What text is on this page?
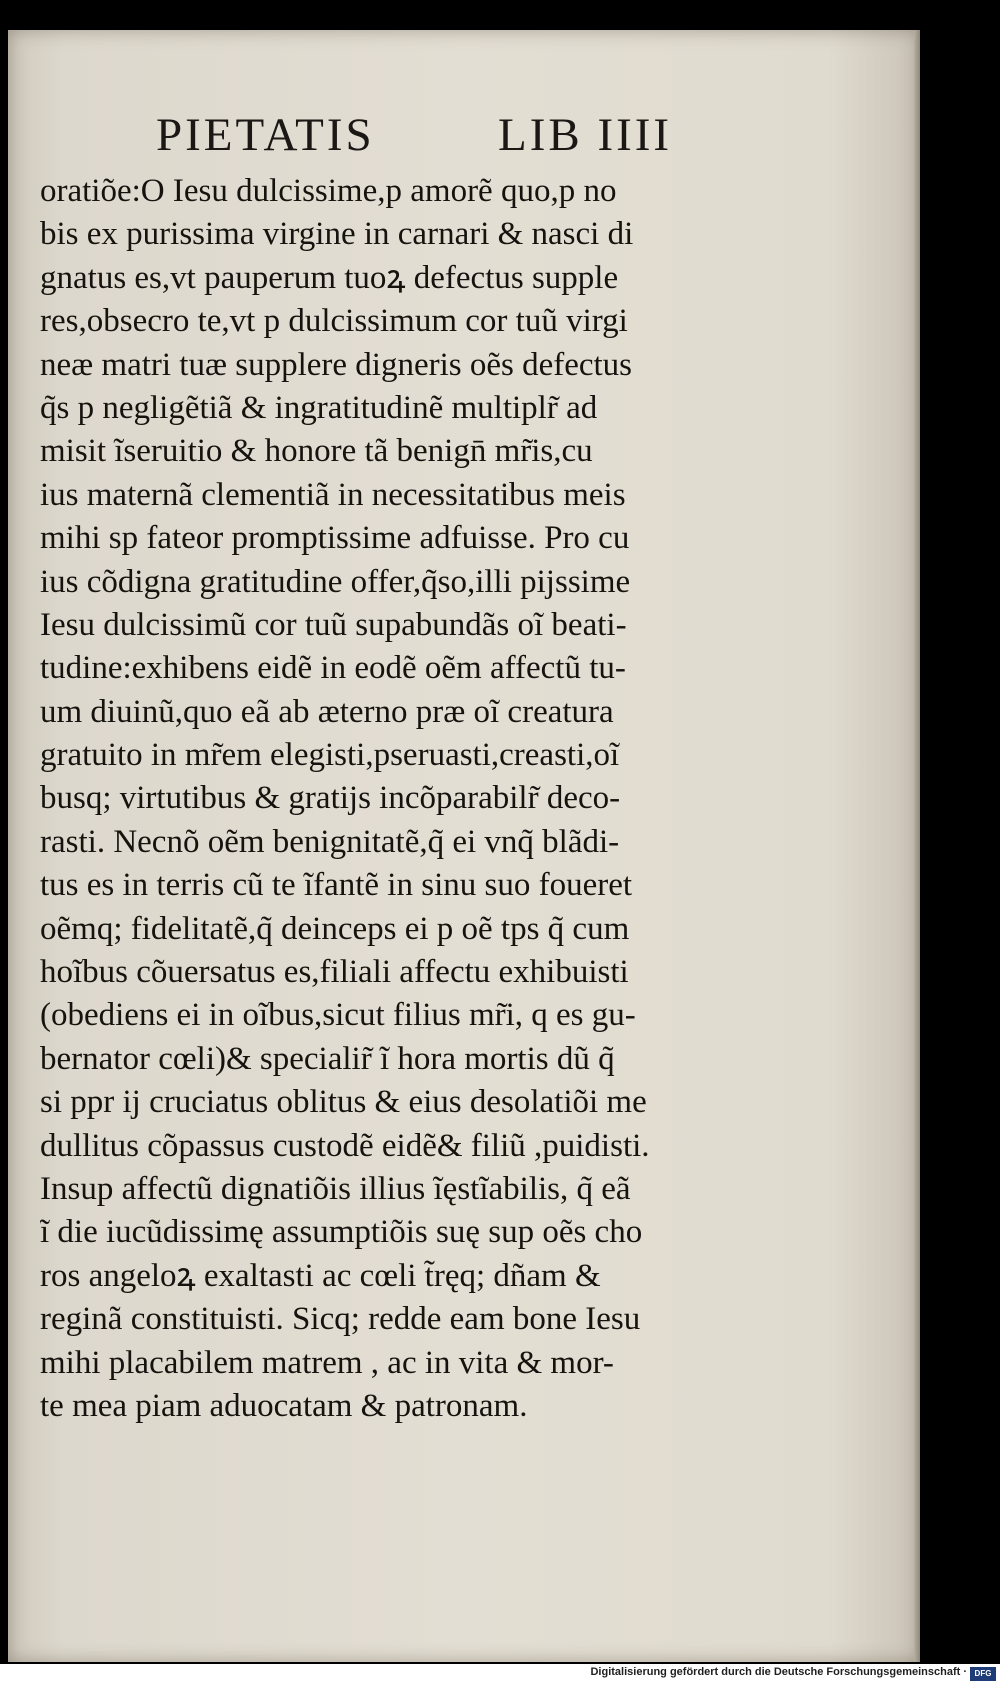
PIETATIS	LIB IIII
oratiõe:O Iesu dulcissime,p amorẽ quo,p no
bis ex purissima virgine in carnari & nasci di
gnatus es,vt pauperum tuoꝝ defectus supple
res,obsecro te,vt p dulcissimum cor tuũ virgi
neæ matri tuæ supplere digneris oẽs defectus
q̃s p negligẽtiã & ingratitudinẽ multiplr̃ ad
misit ĩseruitio & honore tã benign̄ mr̃is,cu
ius maternã clementiã in necessitatibus meis
mihi sp fateor promptissime adfuisse. Pro cu
ius cõdigna gratitudine offer,q̃so,illi pijssime
Iesu dulcissimũ cor tuũ supabundãs oĩ beati-
tudine:exhibens eidẽ in eodẽ oẽm affectũ tu-
um diuinũ,quo eã ab æterno præ oĩ creatura
gratuito in mr̃em elegisti,pseruasti,creasti,oĩ
busq; virtutibus & gratijs incõparabilr̃ deco-
rasti. Necnõ oẽm benignitatẽ,q̃ ei vnq̃ blãdi-
tus es in terris cũ te ĩfantẽ in sinu suo foueret
oẽmq; fidelitatẽ,q̃ deinceps ei p oẽ tps q̃ cum
hoĩbus cõuersatus es,filiali affectu exhibuisti
(obediens ei in oĩbus,sicut filius mr̃i, q es gu-
bernator cœli)& specialir̃ ĩ hora mortis dũ q̃
si ppr ij cruciatus oblitus & eius desolatiõi me
dullitus cõpassus custodẽ eidẽ& filiũ ,puidisti.
Insup affectũ dignatiõis illius ĩęstĩabilis, q̃ eã
ĩ die iucũdissimę assumptiõis suę sup oẽs cho
ros angeloꝝ exaltasti ac cœli t̃ręq; dñam &
reginã constituisti. Sicq; redde eam bone Iesu
mihi placabilem matrem , ac in vita & mor-
te mea piam aduocatam & patronam.
Digitalisierung gefördert durch die Deutsche Forschungsgemeinschaft · DFG
